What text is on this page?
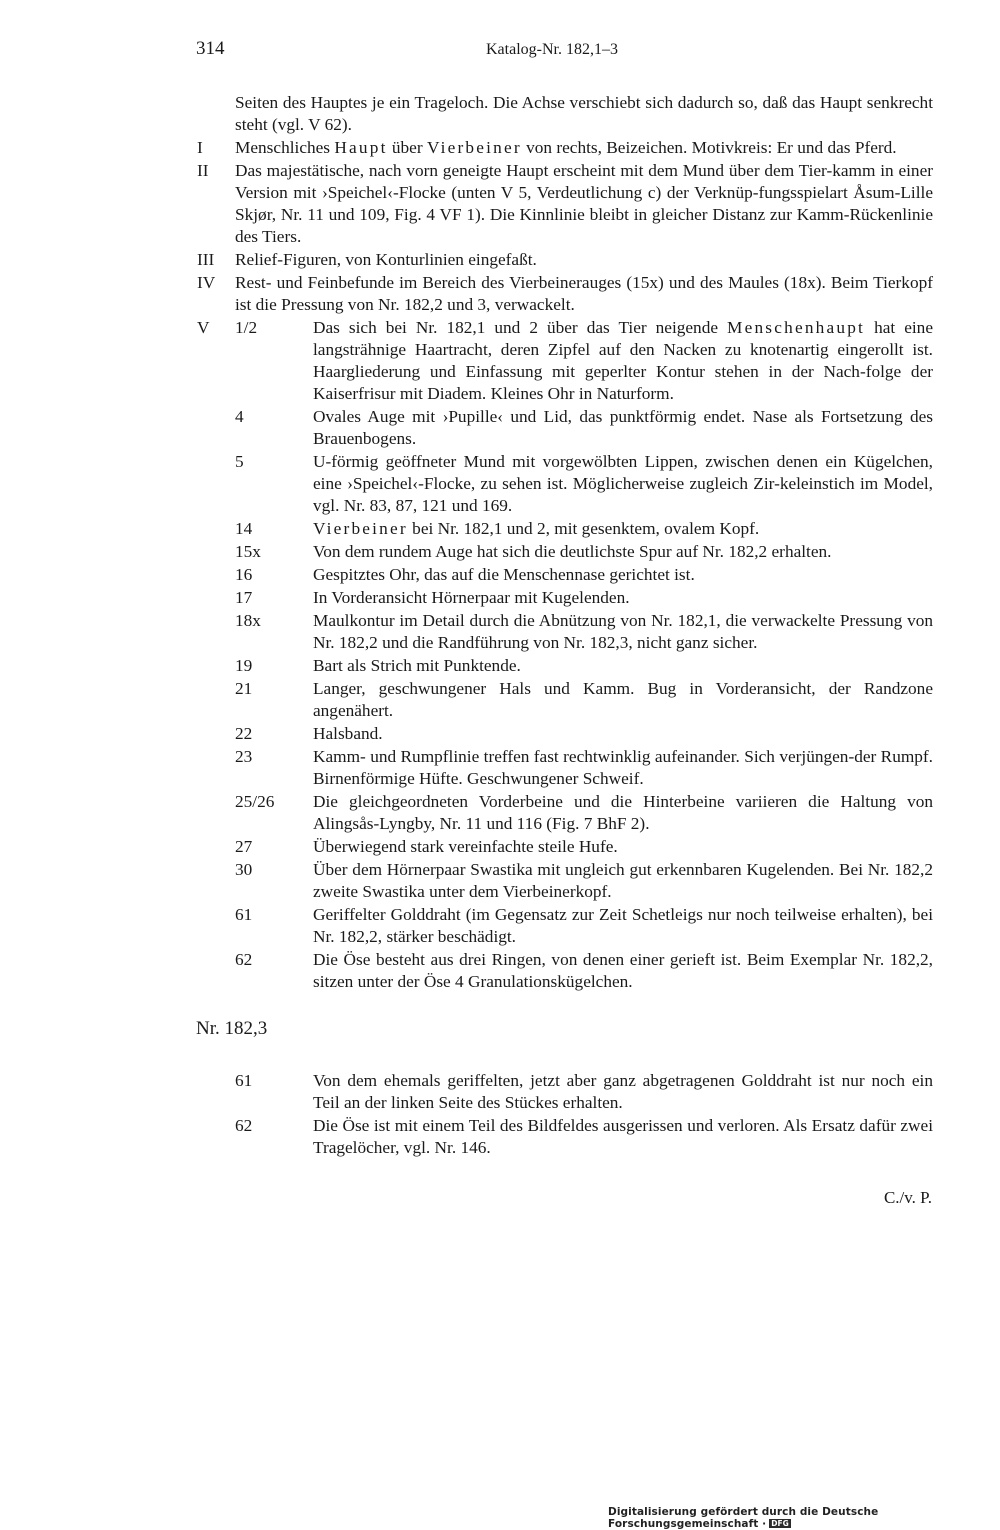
314	Katalog-Nr. 182,1–3
Seiten des Hauptes je ein Trageloch. Die Achse verschiebt sich dadurch so, daß das Haupt senkrecht steht (vgl. V 62).
I Menschliches Haupt über Vierbeiner von rechts, Beizeichen. Motivkreis: Er und das Pferd.
II Das majestätische, nach vorn geneigte Haupt erscheint mit dem Mund über dem Tier-kamm in einer Version mit ›Speichel‹-Flocke (unten V 5, Verdeutlichung c) der Verknüp-fungsspielart Åsum-Lille Skjør, Nr. 11 und 109, Fig. 4 VF 1). Die Kinnlinie bleibt in gleicher Distanz zur Kamm-Rückenlinie des Tiers.
III Relief-Figuren, von Konturlinien eingefaßt.
IV Rest- und Feinbefunde im Bereich des Vierbeinerauges (15x) und des Maules (18x). Beim Tierkopf ist die Pressung von Nr. 182,2 und 3, verwackelt.
V 1/2	Das sich bei Nr. 182,1 und 2 über das Tier neigende Menschenhaupt hat eine langsträhnige Haartracht, deren Zipfel auf den Nacken zu knotenartig eingerollt ist. Haargliederung und Einfassung mit geperlter Kontur stehen in der Nach-folge der Kaiserfrisur mit Diadem. Kleines Ohr in Naturform.
4	Ovales Auge mit ›Pupille‹ und Lid, das punktförmig endet. Nase als Fortsetzung des Brauenbogens.
5	U-förmig geöffneter Mund mit vorgewölbten Lippen, zwischen denen ein Kügelchen, eine ›Speichel‹-Flocke, zu sehen ist. Möglicherweise zugleich Zir-keleinstich im Model, vgl. Nr. 83, 87, 121 und 169.
14	Vierbeiner bei Nr. 182,1 und 2, mit gesenktem, ovalem Kopf.
15x	Von dem rundem Auge hat sich die deutlichste Spur auf Nr. 182,2 erhalten.
16	Gespitztes Ohr, das auf die Menschennase gerichtet ist.
17	In Vorderansicht Hörnerpaar mit Kugelenden.
18x	Maulkontur im Detail durch die Abnützung von Nr. 182,1, die verwackelte Pressung von Nr. 182,2 und die Randführung von Nr. 182,3, nicht ganz sicher.
19	Bart als Strich mit Punktende.
21	Langer, geschwungener Hals und Kamm. Bug in Vorderansicht, der Randzone angenähert.
22	Halsband.
23	Kamm- und Rumpflinie treffen fast rechtwinklig aufeinander. Sich verjüngen-der Rumpf. Birnenförmige Hüfte. Geschwungener Schweif.
25/26 Die gleichgeordneten Vorderbeine und die Hinterbeine variieren die Haltung von Alingsås-Lyngby, Nr. 11 und 116 (Fig. 7 BhF 2).
27	Überwiegend stark vereinfachte steile Hufe.
30	Über dem Hörnerpaar Swastika mit ungleich gut erkennbaren Kugelenden. Bei Nr. 182,2 zweite Swastika unter dem Vierbeinerkopf.
61	Geriffelter Golddraht (im Gegensatz zur Zeit Schetleigs nur noch teilweise erhalten), bei Nr. 182,2, stärker beschädigt.
62	Die Öse besteht aus drei Ringen, von denen einer gerieft ist. Beim Exemplar Nr. 182,2, sitzen unter der Öse 4 Granulationskügelchen.
Nr. 182,3
61	Von dem ehemals geriffelten, jetzt aber ganz abgetragenen Golddraht ist nur noch ein Teil an der linken Seite des Stückes erhalten.
62	Die Öse ist mit einem Teil des Bildfeldes ausgerissen und verloren. Als Ersatz dafür zwei Tragelöcher, vgl. Nr. 146.
C./v. P.
Digitalisierung gefördert durch die Deutsche Forschungsgemeinschaft · DFG
